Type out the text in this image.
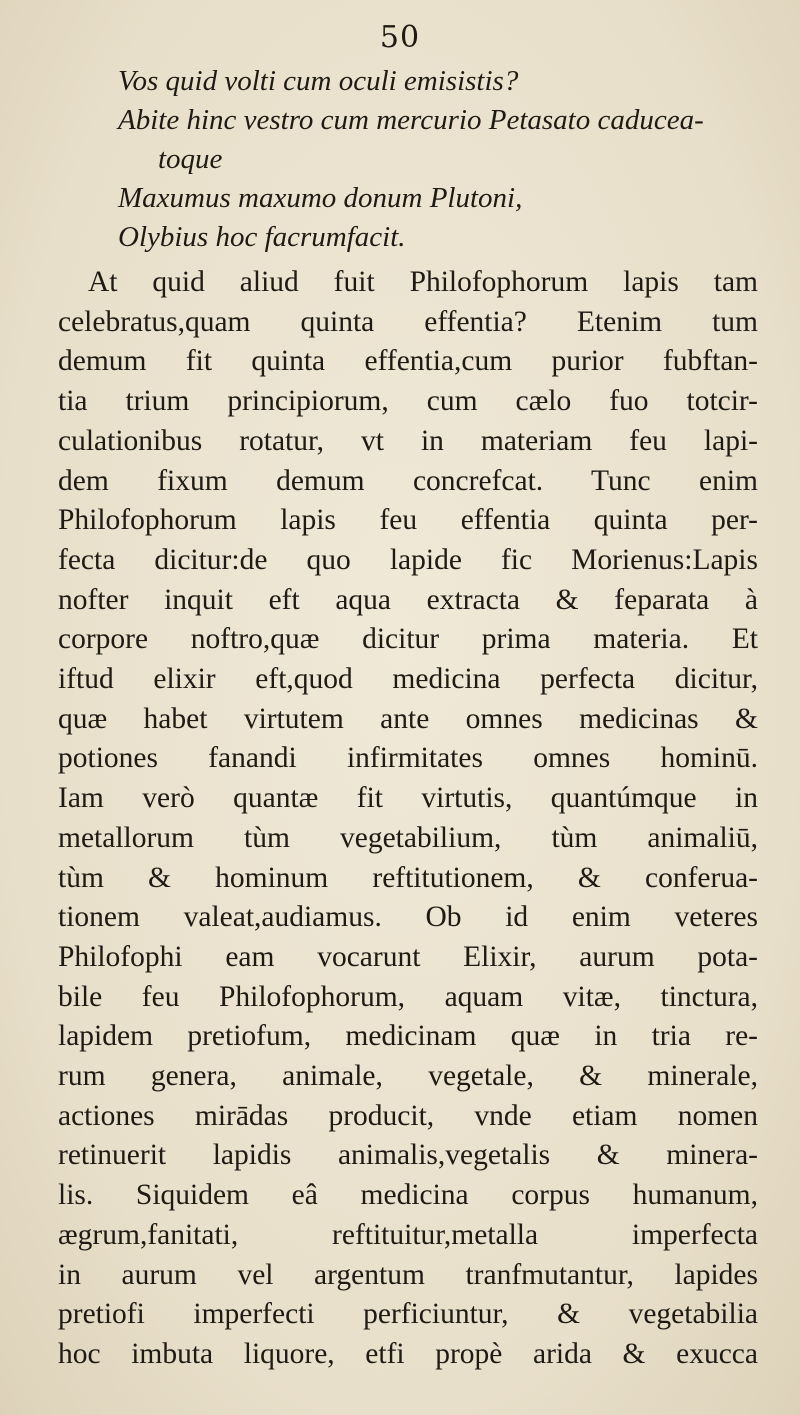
50
Vos quid volti cum oculi emisistis?
Abite hinc vestro cum mercurio Petasato caducea-
toque
Maxumus maxumo donum Plutoni,
Olybius hoc facrumfacit.
At quid aliud fuit Philofophorum lapis tam
celebratus,quam quinta effentia? Etenim tum
demum fit quinta effentia,cum purior fubftan-
tia trium principiorum, cum cælo fuo totcir-
culationibus rotatur, vt in materiam feu lapi-
dem fixum demum concrefcat. Tunc enim
Philofophorum lapis feu effentia quinta per-
fecta dicitur:de quo lapide fic Morienus:Lapis
nofter inquit eft aqua extracta & feparata à
corpore noftro,quæ dicitur prima materia. Et
iftud elixir eft,quod medicina perfecta dicitur,
quæ habet virtutem ante omnes medicinas &
potiones fanandi infirmitates omnes hominū.
Iam verò quantæ fit virtutis, quantúmque in
metallorum tùm vegetabilium, tùm animaliū,
tùm & hominum reftitutionem, & conferua-
tionem valeat,audiamus. Ob id enim veteres
Philofophi eam vocarunt Elixir, aurum pota-
bile feu Philofophorum, aquam vitæ, tinctura,
lapidem pretiofum, medicinam quæ in tria re-
rum genera, animale, vegetale, & minerale,
actiones mirādas producit, vnde etiam nomen
retinuerit lapidis animalis,vegetalis & minera-
lis. Siquidem eâ medicina corpus humanum,
ægrum,fanitati, reftituitur,metalla imperfecta
in aurum vel argentum tranfmutantur, lapides
pretiofi imperfecti perficiuntur, & vegetabilia
hoc imbuta liquore, etfi propè arida & exucca
